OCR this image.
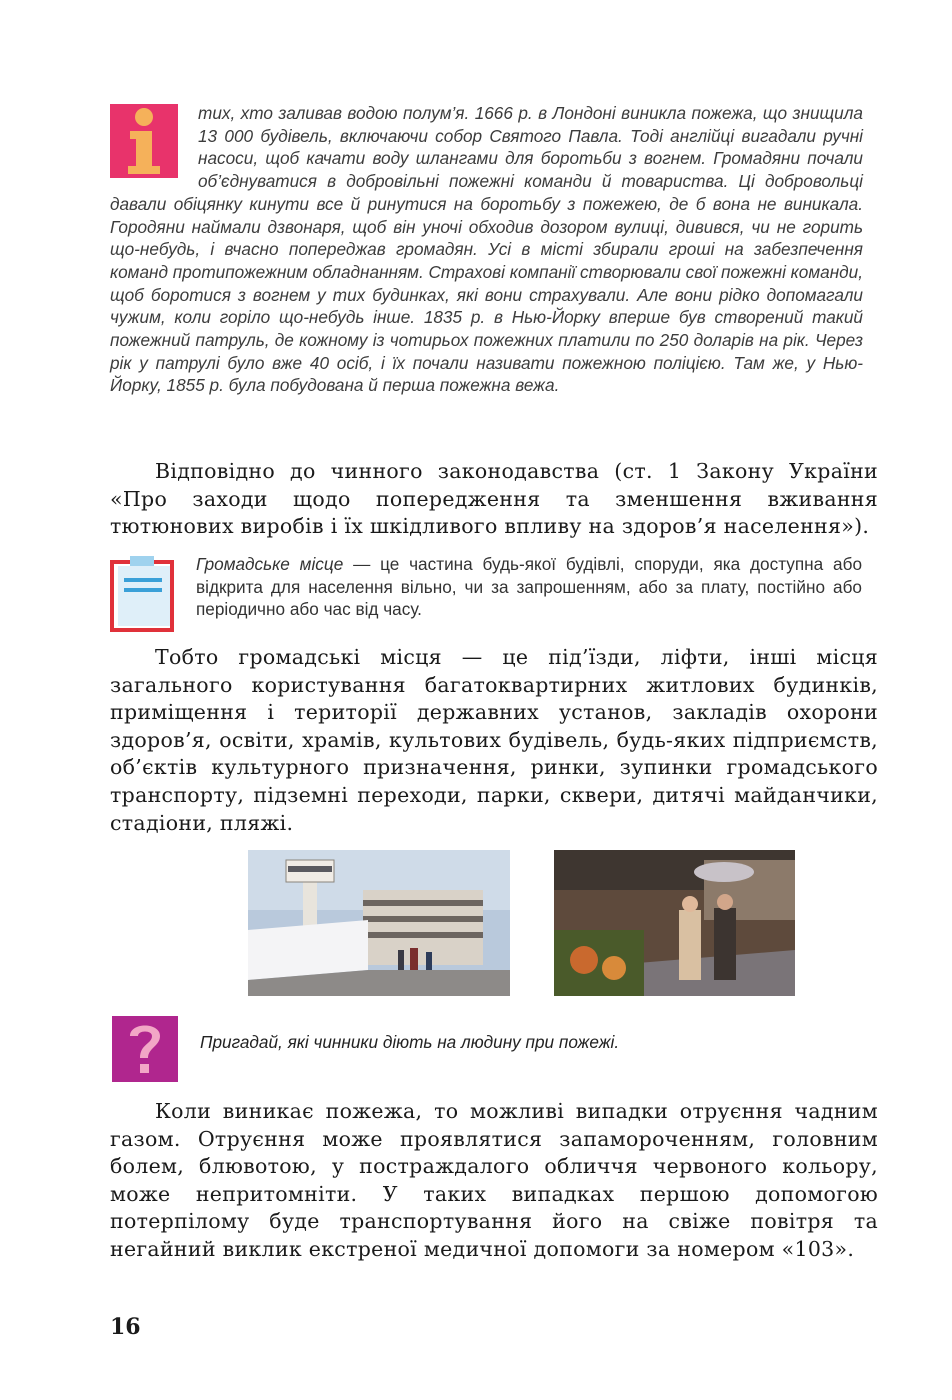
тих, хто заливав водою полум’я. 1666 р. в Лондоні виникла пожежа, що знищила 13 000 будівель, включаючи собор Святого Павла. Тоді англійці вигадали ручні насоси, щоб качати воду шлангами для боротьби з вогнем. Громадяни почали об’єднуватися в добровільні пожежні команди й товариства. Ці добровольці давали обіцянку кинути все й ринутися на боротьбу з пожежею, де б вона не виникала. Городяни наймали дзвонаря, щоб він уночі обходив дозором вулиці, дивився, чи не горить що-небудь, і вчасно попереджав громадян. Усі в місті збирали гроші на забезпечення команд протипожежним обладнанням. Страхові компанії створювали свої пожежні команди, щоб боротися з вогнем у тих будинках, які вони страхували. Але вони рідко допомагали чужим, коли горіло що-небудь інше. 1835 р. в Нью-Йорку вперше був створений такий пожежний патруль, де кожному із чотирьох пожежних платили по 250 доларів на рік. Через рік у патрулі було вже 40 осіб, і їх почали називати пожежною поліцією. Там же, у Нью-Йорку, 1855 р. була побудована й перша пожежна вежа.

Відповідно до чинного законодавства (ст. 1 Закону України «Про заходи щодо попередження та зменшення вживання тютюнових виробів і їх шкідливого впливу на здоров’я населення»).

Громадське місце — це частина будь-якої будівлі, споруди, яка доступна або відкрита для населення вільно, чи за запрошенням, або за плату, постійно або періодично або час від часу.

Тобто громадські місця — це під’їзди, ліфти, інші місця загального користування багатоквартирних житлових будинків, приміщення і території державних установ, закладів охорони здоров’я, освіти, храмів, культових будівель, будь-яких підприємств, об’єктів культурного призначення, ринки, зупинки громадського транспорту, підземні переходи, парки, сквери, дитячі майданчики, стадіони, пляжі.

Пригадай, які чинники діють на людину при пожежі.

Коли виникає пожежа, то можливі випадки отруєння чадним газом. Отруєння може проявлятися запамороченням, головним болем, блювотою, у постраждалого обличчя червоного кольору, може непритомніти. У таких випадках першою допомогою потерпілому буде транспортування його на свіже повітря та негайний виклик екстреної медичної допомоги за номером «103».

16
